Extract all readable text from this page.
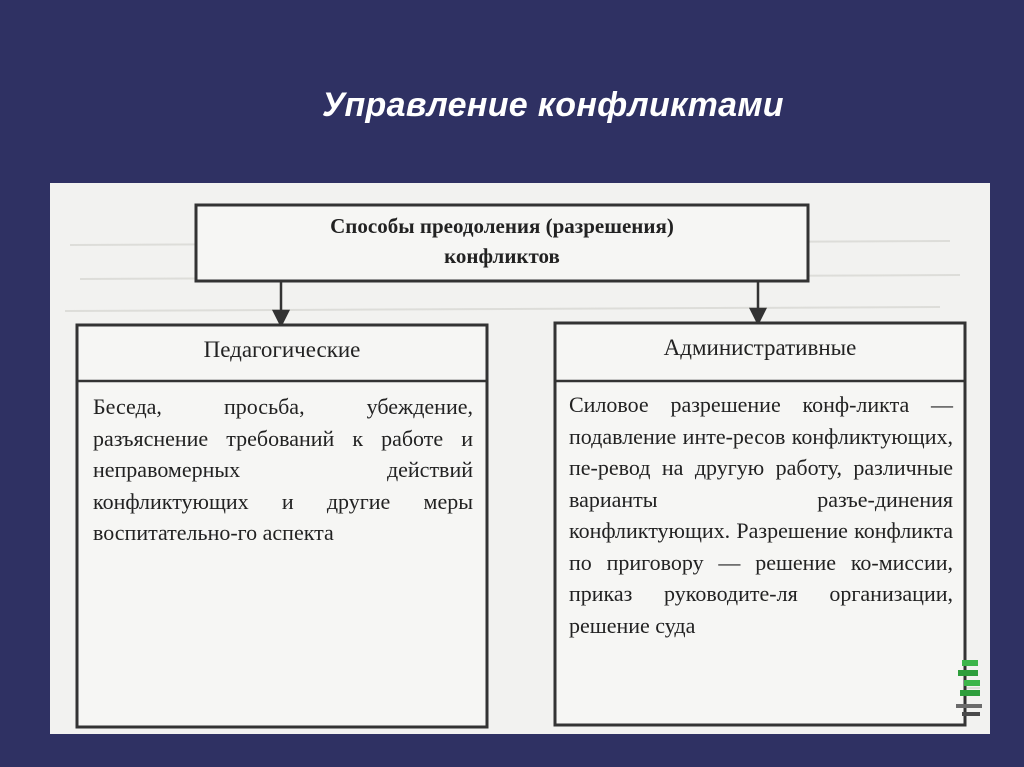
Управление конфликтами
Способы преодоления (разрешения)
конфликтов
Педагогические
Беседа, просьба, убеждение, разъяснение требований к работе и неправомерных действий конфликтующих и другие меры воспитательно-го аспекта
Административные
Силовое разрешение конф-ликта — подавление инте-ресов конфликтующих, пе-ревод на другую работу, различные варианты разъе-динения конфликтующих. Разрешение конфликта по приговору — решение ко-миссии, приказ руководите-ля организации, решение суда
